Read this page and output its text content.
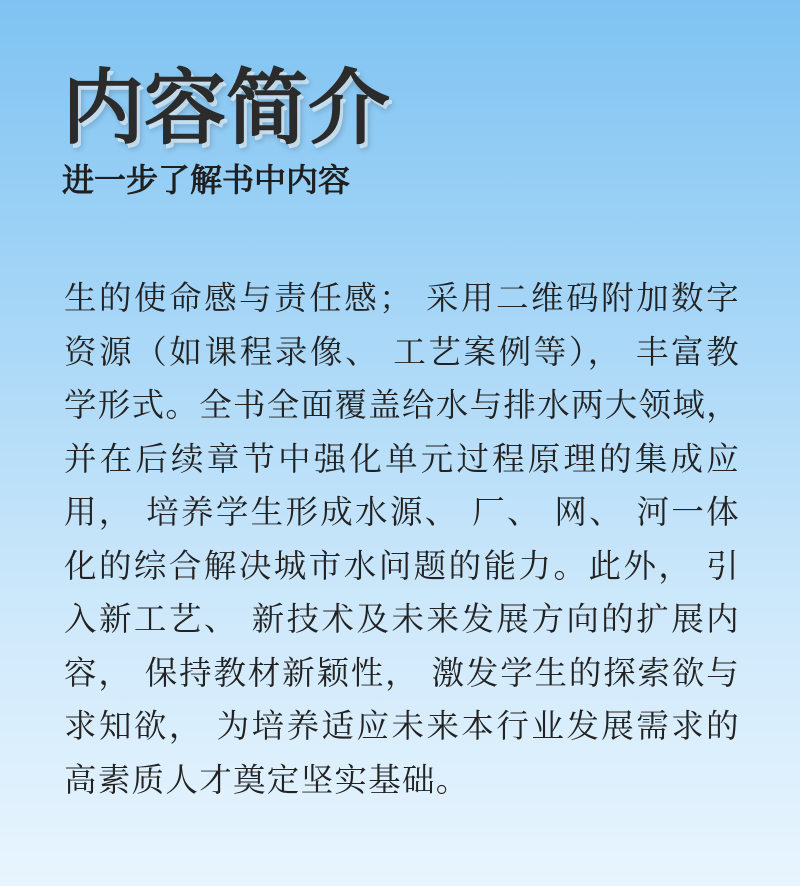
内容简介
进一步了解书中内容

生的使命感与责任感； 采用二维码附加数字资源（如课程录像、 工艺案例等）， 丰富教学形式。全书全面覆盖给水与排水两大领域， 并在后续章节中强化单元过程原理的集成应用， 培养学生形成水源、 厂、 网、 河一体化的综合解决城市水问题的能力。此外， 引入新工艺、 新技术及未来发展方向的扩展内容， 保持教材新颖性， 激发学生的探索欲与求知欲， 为培养适应未来本行业发展需求的高素质人才奠定坚实基础。
